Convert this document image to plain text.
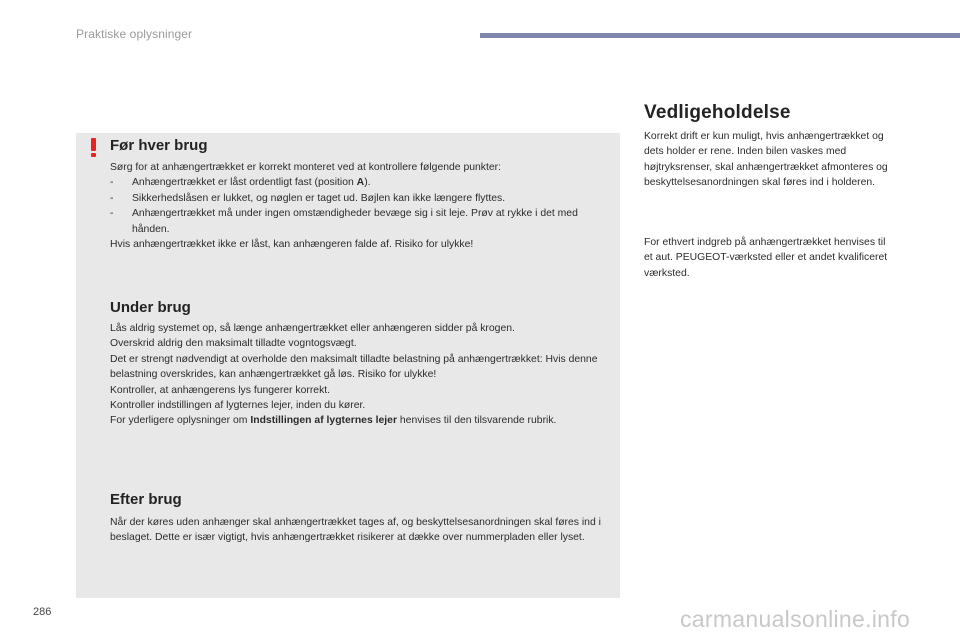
Praktiske oplysninger
Før hver brug

Sørg for at anhængertrækket er korrekt monteret ved at kontrollere følgende punkter:

- Anhængertrækket er låst ordentligt fast (position A).
- Sikkerhedslåsen er lukket, og nøglen er taget ud. Bøjlen kan ikke længere flyttes.
- Anhængertrækket må under ingen omstændigheder bevæge sig i sit leje. Prøv at rykke i det med hånden.

Hvis anhængertrækket ikke er låst, kan anhængeren falde af. Risiko for ulykke!

Under brug

Lås aldrig systemet op, så længe anhængertrækket eller anhængeren sidder på krogen.

Overskrid aldrig den maksimalt tilladte vogntogsvægt.

Det er strengt nødvendigt at overholde den maksimalt tilladte belastning på anhængertrækket: Hvis denne belastning overskrides, kan anhængertrækket gå løs. Risiko for ulykke!

Kontroller, at anhængerens lys fungerer korrekt.

Kontroller indstillingen af lygternes lejer, inden du kører.

For yderligere oplysninger om Indstillingen af lygternes lejer henvises til den tilsvarende rubrik.

Efter brug
Når der køres uden anhænger skal anhængertrækket tages af, og beskyttelsesanordningen skal føres ind i beslaget. Dette er især vigtigt, hvis anhængertrækket risikerer at dække over nummerpladen eller lyset.
Vedligeholdelse
Korrekt drift er kun muligt, hvis anhængertrækket og dets holder er rene. Inden bilen vaskes med højtryksrenser, skal anhængertrækket afmonteres og beskyttelsesanordningen skal føres ind i holderen.
For ethvert indgreb på anhængertrækket henvises til et aut. PEUGEOT-værksted eller et andet kvalificeret værksted.
286	carmanualsonline.info
